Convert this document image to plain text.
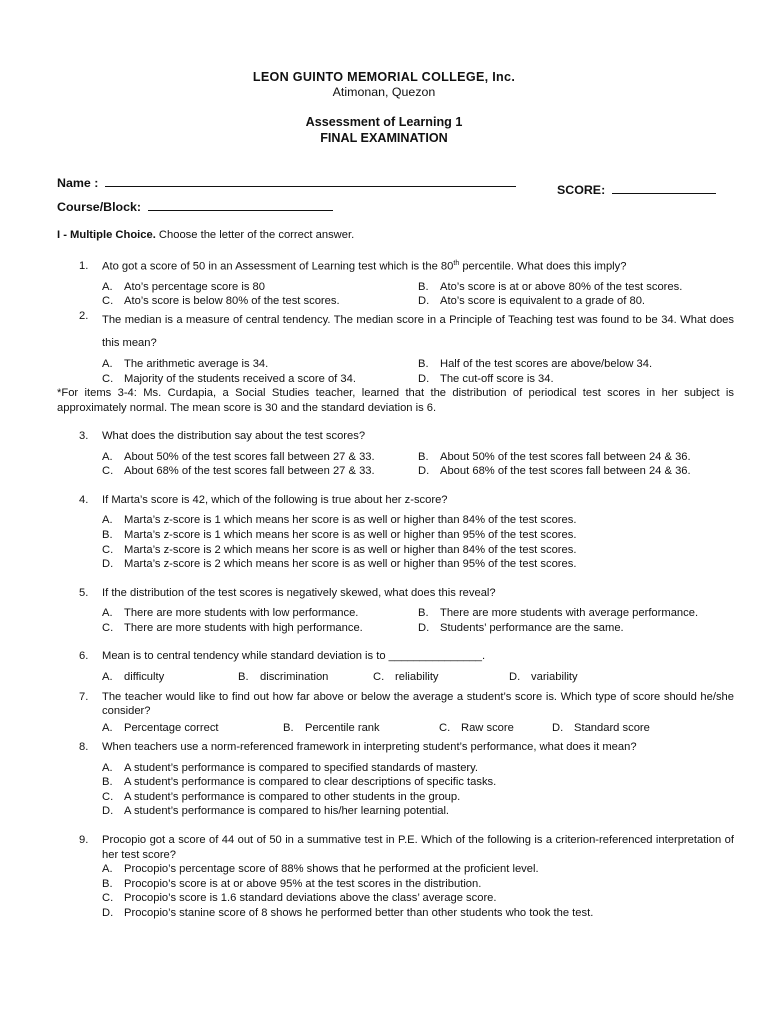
LEON GUINTO MEMORIAL COLLEGE, Inc.
Atimonan, Quezon
Assessment of Learning 1
FINAL EXAMINATION
Name :	SCORE:
Course/Block:
I - Multiple Choice. Choose the letter of the correct answer.
1. Ato got a score of 50 in an Assessment of Learning test which is the 80th percentile. What does this imply?
A.	Ato’s percentage score is 80	B.	Ato’s score is at or above 80% of the test scores.
C. Ato’s score is below 80% of the test scores.	D. Ato’s score is equivalent to a grade of 80.
2. The median is a measure of central tendency. The median score in a Principle of Teaching test was found to be 34. What does this mean?
A.	The arithmetic average is 34.	B.	Half of the test scores are above/below 34.
C. Majority of the students received a score of 34.	D. The cut-off score is 34.
*For items 3-4: Ms. Curdapia, a Social Studies teacher, learned that the distribution of periodical test scores in her subject is approximately normal. The mean score is 30 and the standard deviation is 6.
3. What does the distribution say about the test scores?
A.	About 50% of the test scores fall between 27 & 33.	B.	About 50% of the test scores fall between 24 & 36.
C. About 68% of the test scores fall between 27 & 33.	D. About 68% of the test scores fall between 24 & 36.
4. If Marta’s score is 42, which of the following is true about her z-score?
A.	Marta’s z-score is 1 which means her score is as well or higher than 84% of the test scores.
B.	Marta’s z-score is 1 which means her score is as well or higher than 95% of the test scores.
C. Marta’s z-score is 2 which means her score is as well or higher than 84% of the test scores.
D. Marta’s z-score is 2 which means her score is as well or higher than 95% of the test scores.
5. If the distribution of the test scores is negatively skewed, what does this reveal?
A.	There are more students with low performance.	B.	There are more students with average performance.
C. There are more students with high performance.	D. Students’ performance are the same.
6. Mean is to central tendency while standard deviation is to _______________.
A.	difficulty	B.	discrimination	C. reliability	D. variability
7. The teacher would like to find out how far above or below the average a student’s score is. Which type of score should he/she consider?
A.	Percentage correct	B.	Percentile rank	C. Raw score	D. Standard score
8. When teachers use a norm-referenced framework in interpreting student’s performance, what does it mean?
A.	A student’s performance is compared to specified standards of mastery.
B.	A student’s performance is compared to clear descriptions of specific tasks.
C. A student’s performance is compared to other students in the group.
D. A student’s performance is compared to his/her learning potential.
9. Procopio got a score of 44 out of 50 in a summative test in P.E. Which of the following is a criterion-referenced interpretation of her test score?
A.	Procopio’s percentage score of 88% shows that he performed at the proficient level.
B.	Procopio’s score is at or above 95% at the test scores in the distribution.
C. Procopio’s score is 1.6 standard deviations above the class’ average score.
D. Procopio’s stanine score of 8 shows he performed better than other students who took the test.
